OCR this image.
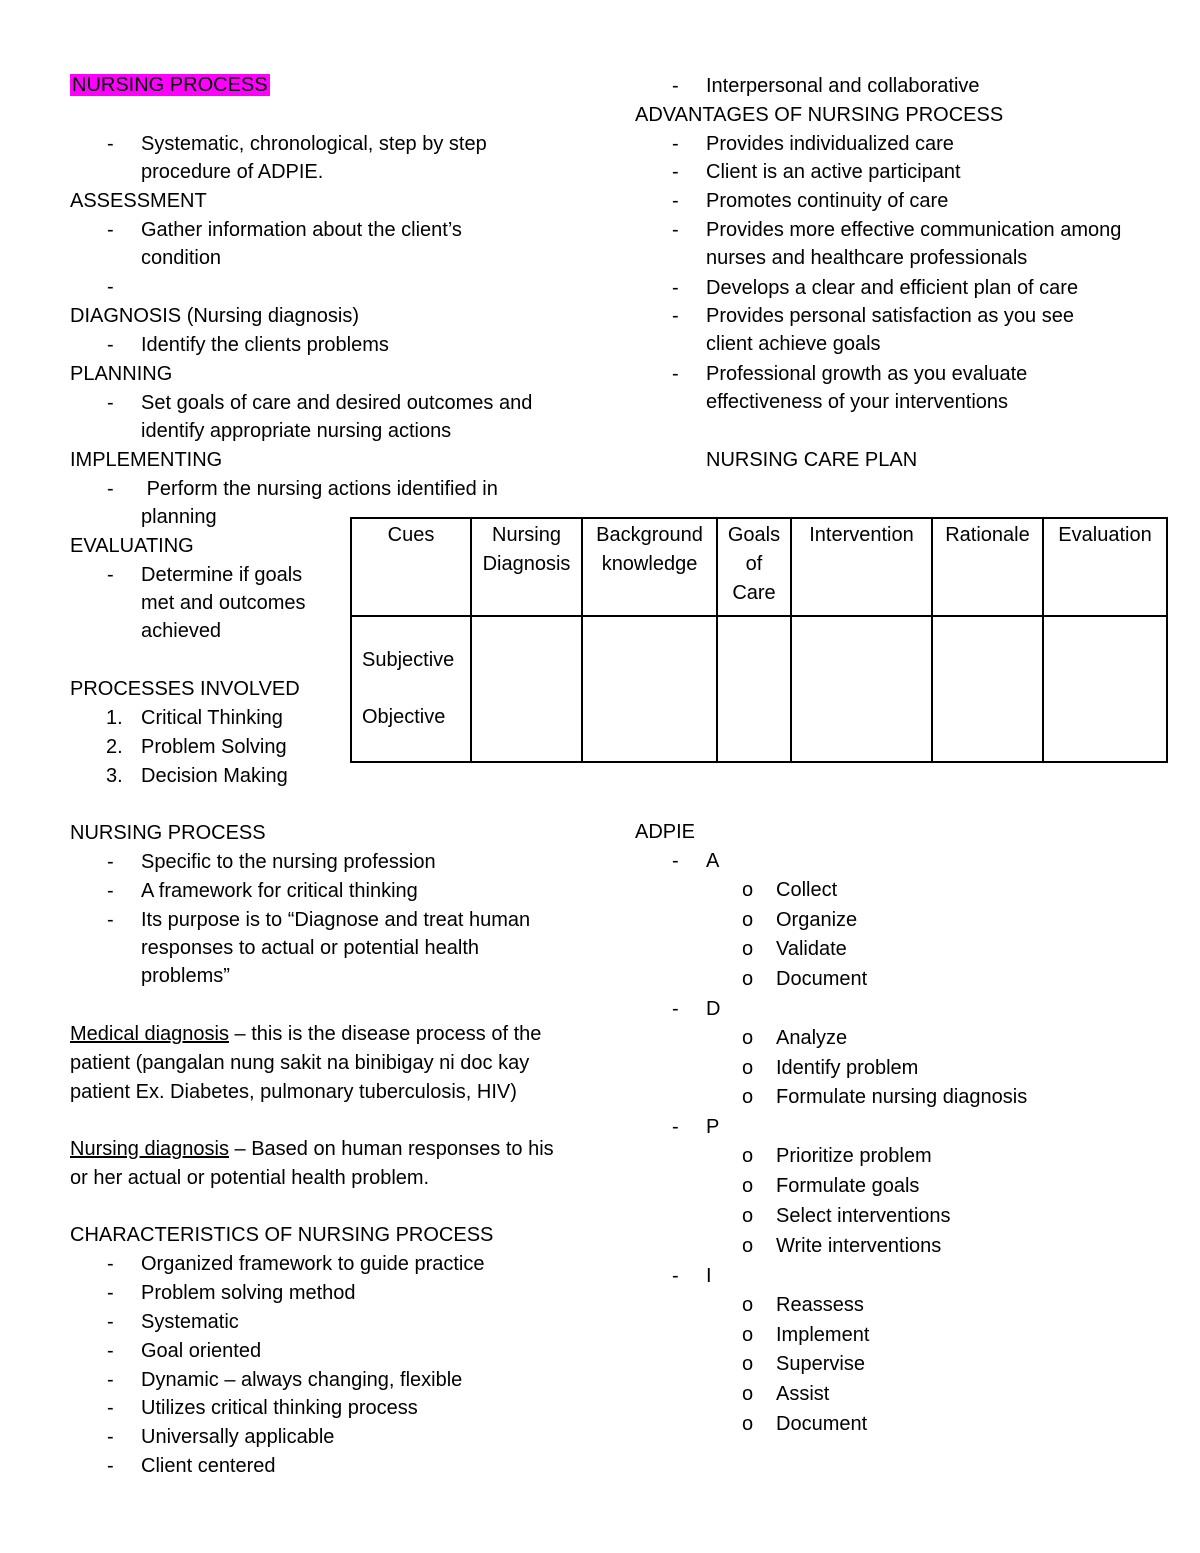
NURSING PROCESS
- Systematic, chronological, step by step procedure of ADPIE.
ASSESSMENT
- Gather information about the client’s condition
-
DIAGNOSIS (Nursing diagnosis)
- Identify the clients problems
PLANNING
- Set goals of care and desired outcomes and identify appropriate nursing actions
IMPLEMENTING
- Perform the nursing actions identified in planning
EVALUATING
- Determine if goals met and outcomes achieved
PROCESSES INVOLVED
1. Critical Thinking
2. Problem Solving
3. Decision Making
- Interpersonal and collaborative
ADVANTAGES OF NURSING PROCESS
- Provides individualized care
- Client is an active participant
- Promotes continuity of care
- Provides more effective communication among nurses and healthcare professionals
- Develops a clear and efficient plan of care
- Provides personal satisfaction as you see client achieve goals
- Professional growth as you evaluate effectiveness of your interventions
NURSING CARE PLAN
Cues	Nursing Diagnosis	Background knowledge	Goals of Care	Intervention	Rationale	Evaluation

Subjective
Objective						

NURSING PROCESS
- Specific to the nursing profession
- A framework for critical thinking
- Its purpose is to “Diagnose and treat human responses to actual or potential health problems”
Medical diagnosis – this is the disease process of the patient (pangalan nung sakit na binibigay ni doc kay patient Ex. Diabetes, pulmonary tuberculosis, HIV)
Nursing diagnosis – Based on human responses to his or her actual or potential health problem.
CHARACTERISTICS OF NURSING PROCESS
- Organized framework to guide practice
- Problem solving method
- Systematic
- Goal oriented
- Dynamic – always changing, flexible
- Utilizes critical thinking process
- Universally applicable
- Client centered
ADPIE
- A
o Collect
o Organize
o Validate
o Document
- D
o Analyze
o Identify problem
o Formulate nursing diagnosis
- P
o Prioritize problem
o Formulate goals
o Select interventions
o Write interventions
- I
o Reassess
o Implement
o Supervise
o Assist
o Document
